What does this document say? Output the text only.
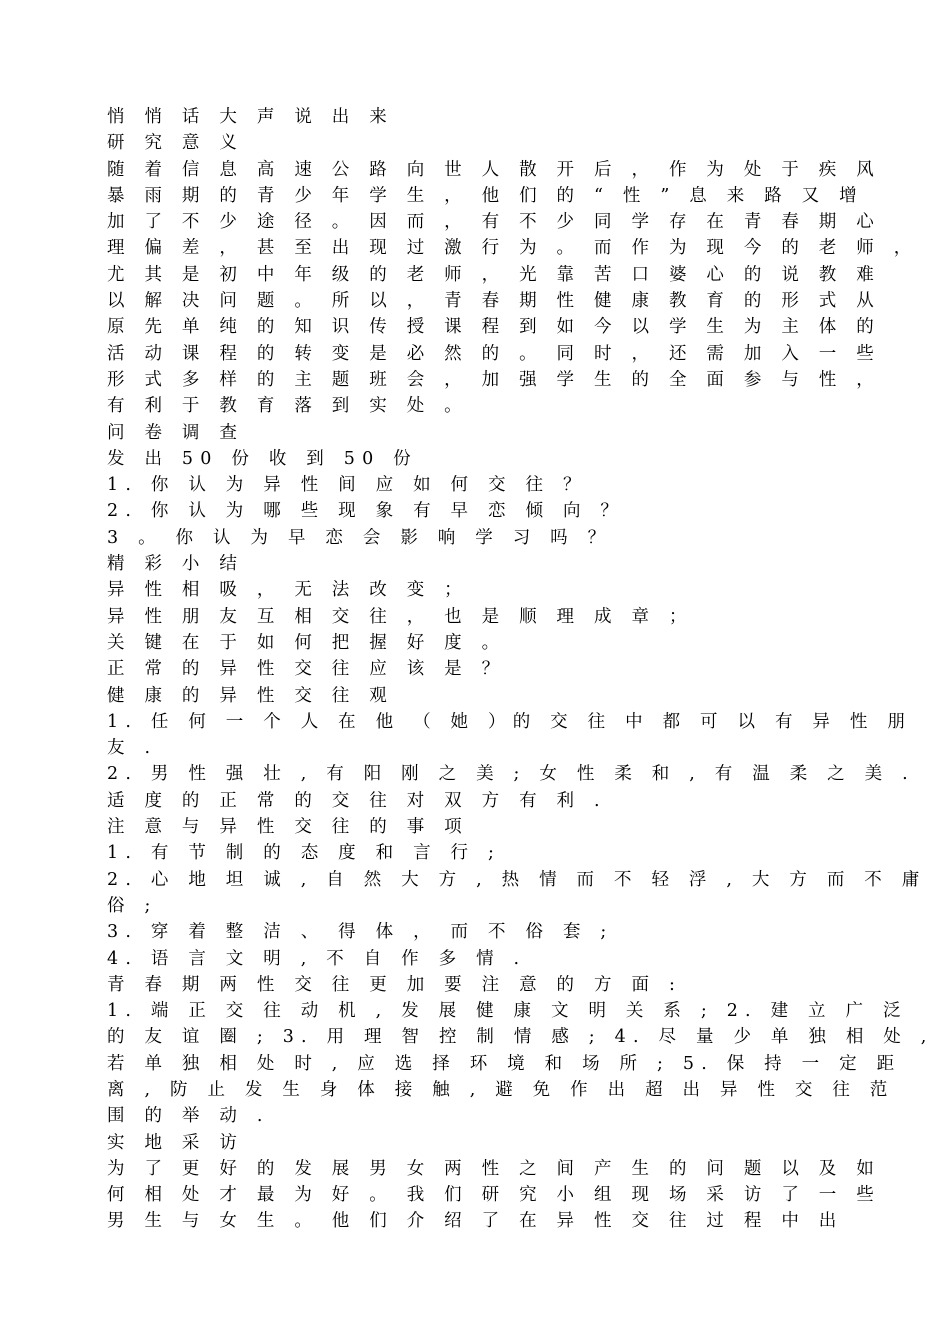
悄 悄 话 大 声 说 出 来
研 究 意 义
随 着 信 息 高 速 公 路 向 世 人 散 开 后 ， 作 为 处 于 疾 风
暴 雨 期 的 青 少 年 学 生 ， 他 们 的 “ 性 ” 息 来 路 又 增
加 了 不 少 途 径 。 因 而 ， 有 不 少 同 学 存 在 青 春 期 心
理 偏 差 ， 甚 至 出 现 过 激 行 为 。 而 作 为 现 今 的 老 师 ，
尤 其 是 初 中 年 级 的 老 师 ， 光 靠 苦 口 婆 心 的 说 教 难
以 解 决 问 题 。 所 以 ， 青 春 期 性 健 康 教 育 的 形 式 从
原 先 单 纯 的 知 识 传 授 课 程 到 如 今 以 学 生 为 主 体 的
活 动 课 程 的 转 变 是 必 然 的 。 同 时 ， 还 需 加 入 一 些
形 式 多 样 的 主 题 班 会 ， 加 强 学 生 的 全 面 参 与 性 ，
有 利 于 教 育 落 到 实 处 。
问 卷 调 查
发 出 50 份 收 到 50 份
1. 你 认 为 异 性 间 应 如 何 交 往 ？
2. 你 认 为 哪 些 现 象 有 早 恋 倾 向 ？
3 。 你 认 为 早 恋 会 影 响 学 习 吗 ？
精 彩 小 结
异 性 相 吸 ， 无 法 改 变 ；
异 性 朋 友 互 相 交 往 ， 也 是 顺 理 成 章 ；
关 键 在 于 如 何 把 握 好 度 。
正 常 的 异 性 交 往 应 该 是 ？
健 康 的 异 性 交 往 观
1. 任 何 一 个 人 在 他 （ 她 ）的 交 往 中 都 可 以 有 异 性 朋
友 .
2. 男 性 强 壮 , 有 阳 刚 之 美 ; 女 性 柔 和 , 有 温 柔 之 美 .
适 度 的 正 常 的 交 往 对 双 方 有 利 .
注 意 与 异 性 交 往 的 事 项
1. 有 节 制 的 态 度 和 言 行 ;
2. 心 地 坦 诚 , 自 然 大 方 , 热 情 而 不 轻 浮 , 大 方 而 不 庸
俗 ;
3. 穿 着 整 洁 、 得 体 ， 而 不 俗 套 ;
4. 语 言 文 明 , 不 自 作 多 情 .
青 春 期 两 性 交 往 更 加 要 注 意 的 方 面 :
1. 端 正 交 往 动 机 , 发 展 健 康 文 明 关 系 ; 2. 建 立 广 泛
的 友 谊 圈 ; 3. 用 理 智 控 制 情 感 ; 4. 尽 量 少 单 独 相 处 ,
若 单 独 相 处 时 , 应 选 择 环 境 和 场 所 ; 5. 保 持 一 定 距
离 , 防 止 发 生 身 体 接 触 , 避 免 作 出 超 出 异 性 交 往 范
围 的 举 动 .
实 地 采 访
为 了 更 好 的 发 展 男 女 两 性 之 间 产 生 的 问 题 以 及 如
何 相 处 才 最 为 好 。 我 们 研 究 小 组 现 场 采 访 了 一 些
男 生 与 女 生 。 他 们 介 绍 了 在 异 性 交 往 过 程 中 出
